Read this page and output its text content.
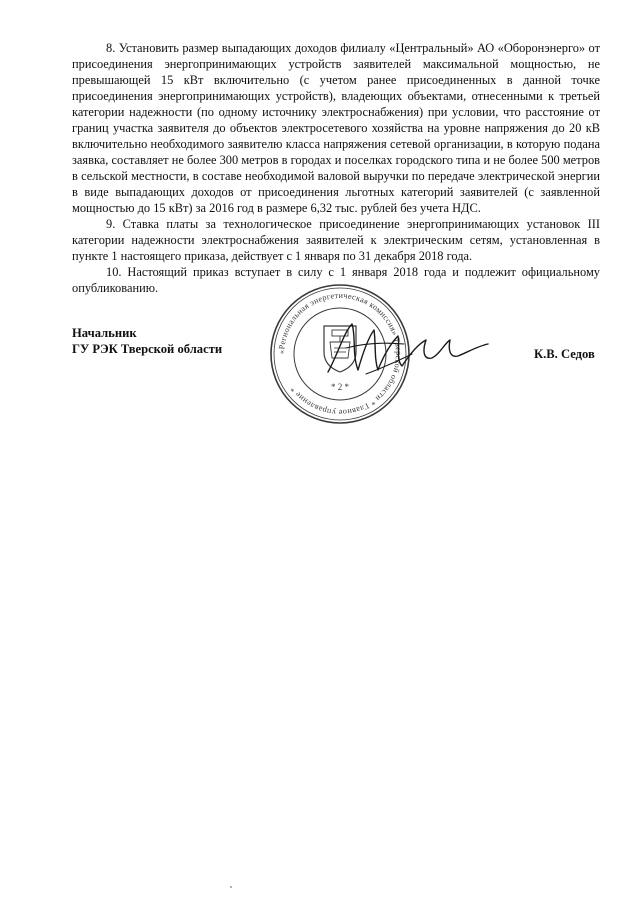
8. Установить размер выпадающих доходов филиалу «Центральный» АО «Оборонэнерго» от присоединения энергопринимающих устройств заявителей максимальной мощностью, не превышающей 15 кВт включительно (с учетом ранее присоединенных в данной точке присоединения энергопринимающих устройств), владеющих объектами, отнесенными к третьей категории надежности (по одному источнику электроснабжения) при условии, что расстояние от границ участка заявителя до объектов электросетевого хозяйства на уровне напряжения до 20 кВ включительно необходимого заявителю класса напряжения сетевой организации, в которую подана заявка, составляет не более 300 метров в городах и поселках городского типа и не более 500 метров в сельской местности, в составе необходимой валовой выручки по передаче электрической энергии в виде выпадающих доходов от присоединения льготных категорий заявителей (с заявленной мощностью до 15 кВт) за 2016 год в размере 6,32 тыс. рублей без учета НДС.

9. Ставка платы за технологическое присоединение энергопринимающих установок III категории надежности электроснабжения заявителей к электрическим сетям, установленная в пункте 1 настоящего приказа, действует с 1 января по 31 декабря 2018 года.

10. Настоящий приказ вступает в силу с 1 января 2018 года и подлежит официальному опубликованию.

«Региональная энергетическая комиссия» Тверской области * Главное управление *	* 2 *
Начальник
ГУ РЭК Тверской области	К.В. Седов
